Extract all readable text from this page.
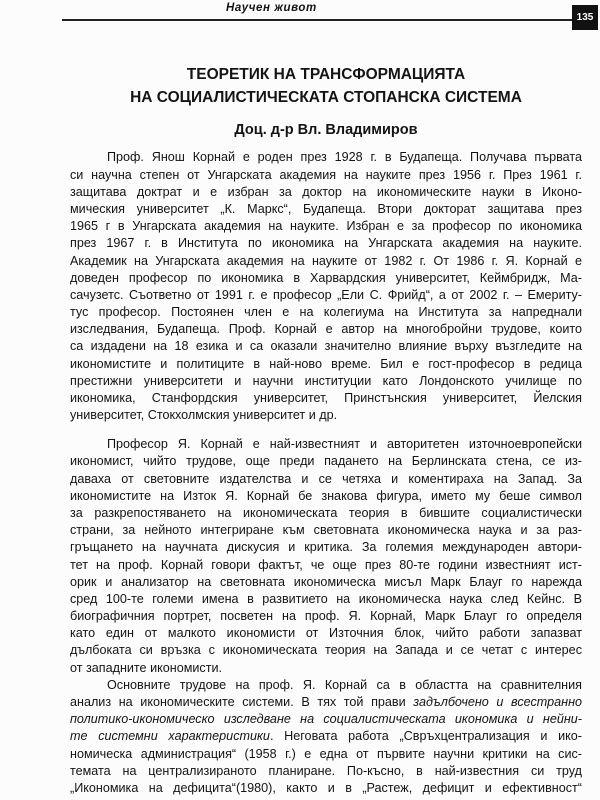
Научен живот
135
ТЕОРЕТИК НА ТРАНСФОРМАЦИЯТА
НА СОЦИАЛИСТИЧЕСКАТА СТОПАНСКА СИСТЕМА
Доц. д-р Вл. Владимиров
Проф. Янош Корнай е роден през 1928 г. в Будапеща. Получава първата
си научна степен от Унгарската академия на науките през 1956 г. През 1961 г.
защитава доктрат и е избран за доктор на икономическите науки в Иконо-
мическия университет „К. Маркс“, Будапеща. Втори докторат защитава през
1965 г в Унгарската академия на науките. Избран е за професор по икономика
през 1967 г. в Института по икономика на Унгарската академия на науките.
Академик на Унгарската академия на науките от 1982 г. От 1986 г. Я. Корнай е
доведен професор по икономика в Харвардския университет, Кеймбридж, Ма-
сачузетс. Съответно от 1991 г. е професор „Ели С. Фрийд“, а от 2002 г. – Емериту-
тус професор. Постоянен член е на колегиума на Института за напреднали
изследвания, Будапеща. Проф. Корнай е автор на многобройни трудове, които
са издадени на 18 езика и са оказали значително влияние върху възгледите на
икономистите и политиците в най-ново време. Бил е гост-професор в редица
престижни университети и научни институции като Лондонското училище по
икономика, Станфордския университет, Принстънския университет, Йелския
университет, Стокхолмския университет и др.
Професор Я. Корнай е най-известният и авторитетен източноевропейски
икономист, чийто трудове, още преди падането на Берлинската стена, се из-
даваха от световните издателства и се четяха и коментираха на Запад. За
икономистите на Изток Я. Корнай бе знакова фигура, името му беше символ
за разкрепостяването на икономическата теория в бившите социалистически
страни, за нейното интегриране към световната икономическа наука и за раз-
гръщането на научната дискусия и критика. За големия международен автори-
тет на проф. Корнай говори фактът, че още през 80-те години известният ист-
орик и анализатор на световната икономическа мисъл Марк Блауг го нарежда
сред 100-те големи имена в развитието на икономическа наука след Кейнс. В
биографичния портрет, посветен на проф. Я. Корнай, Марк Блауг го определя
като един от малкото икономисти от Източния блок, чийто работи запазват
дълбоката си връзка с икономическата теория на Запада и се четат с интерес
от западните икономисти.
Основните трудове на проф. Я. Корнай са в областта на сравнителния
анализ на икономическите системи. В тях той прави задълбочено и всестранно
политико-икономическо изследване на социалистическата икономика и нейни-
те системни характеристики. Неговата работа „Свръхцентрализация и ико-
номическа администрация“ (1958 г.) е една от първите научни критики на сис-
темата на централизираното планиране. По-късно, в най-известния си труд
„Икономика на дефицита“(1980), както и в „Растеж, дефицит и ефективност“
